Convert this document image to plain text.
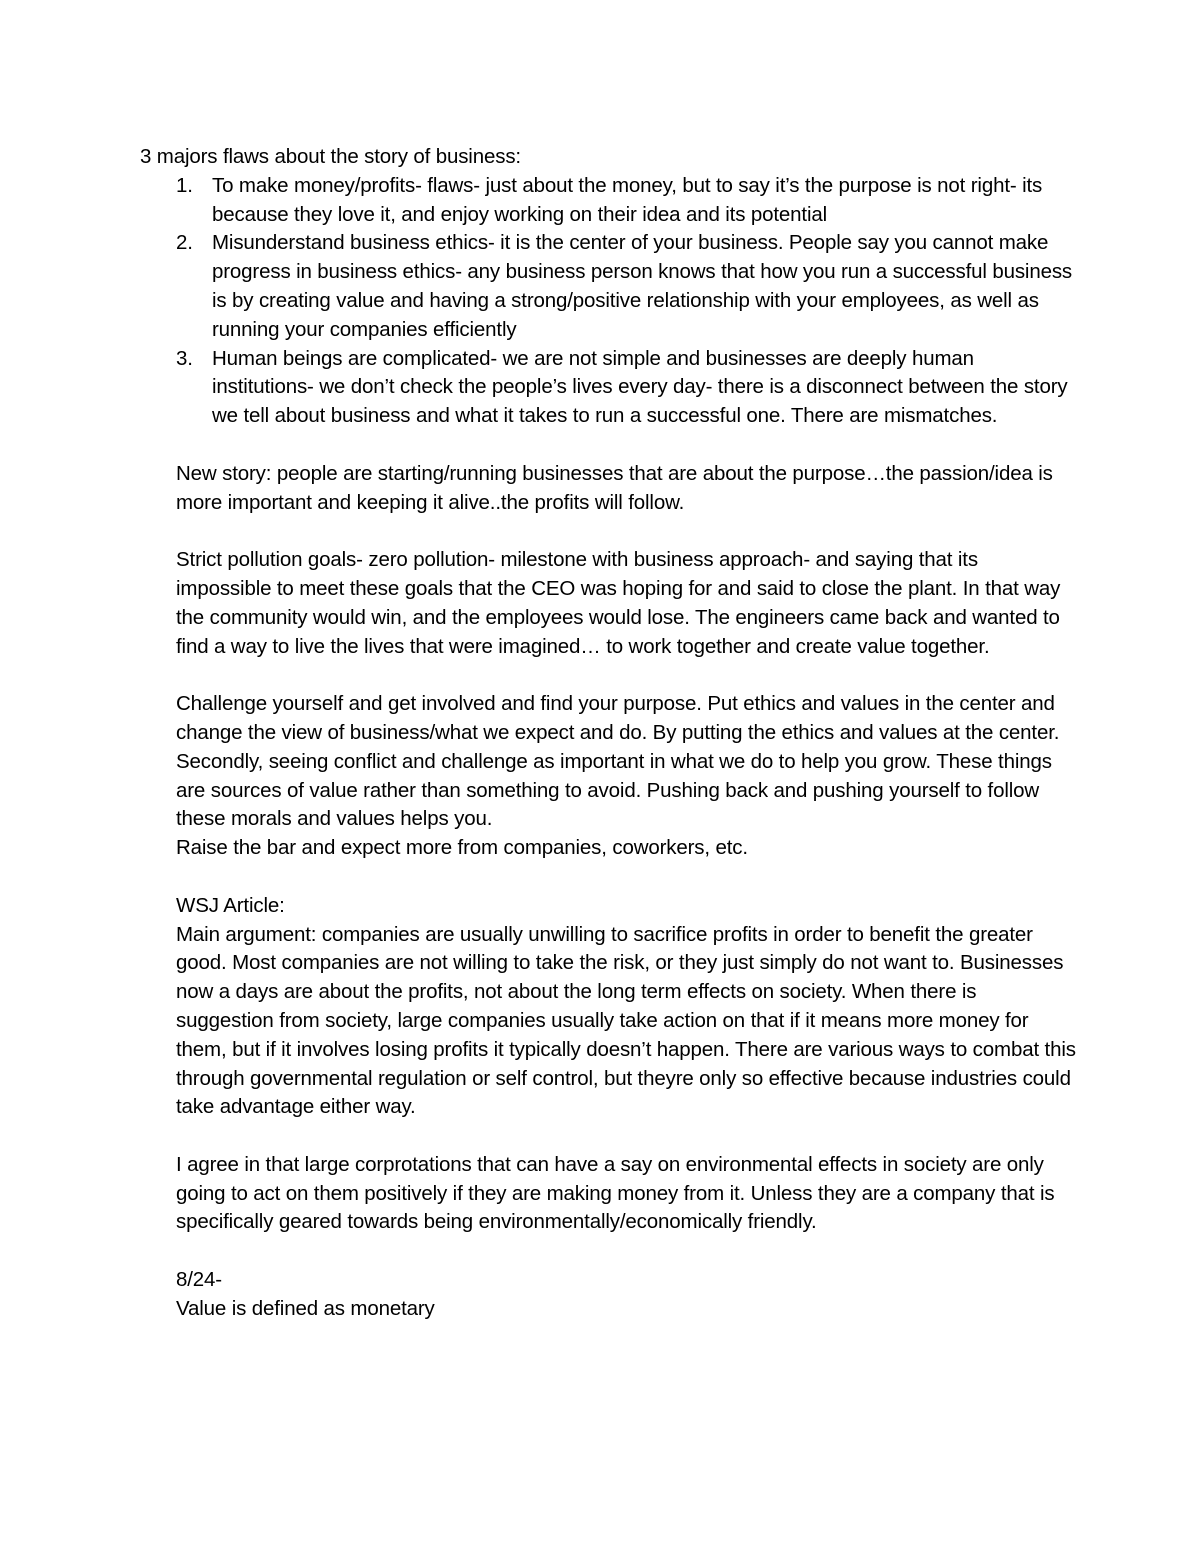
3 majors flaws about the story of business:
1. To make money/profits- flaws- just about the money, but to say it’s the purpose is not right- its because they love it, and enjoy working on their idea and its potential
2. Misunderstand business ethics- it is the center of your business. People say you cannot make progress in business ethics- any business person knows that how you run a successful business is by creating value and having a strong/positive relationship with your employees, as well as running your companies efficiently
3. Human beings are complicated- we are not simple and businesses are deeply human institutions- we don’t check the people’s lives every day- there is a disconnect between the story we tell about business and what it takes to run a successful one. There are mismatches.

New story: people are starting/running businesses that are about the purpose…the passion/idea is more important and keeping it alive..the profits will follow.

Strict pollution goals- zero pollution- milestone with business approach- and saying that its impossible to meet these goals that the CEO was hoping for and said to close the plant. In that way the community would win, and the employees would lose. The engineers came back and wanted to find a way to live the lives that were imagined… to work together and create value together.

Challenge yourself and get involved and find your purpose. Put ethics and values in the center and change the view of business/what we expect and do. By putting the ethics and values at the center.

Secondly, seeing conflict and challenge as important in what we do to help you grow. These things are sources of value rather than something to avoid. Pushing back and pushing yourself to follow these morals and values helps you.

Raise the bar and expect more from companies, coworkers, etc.

WSJ Article:

Main argument: companies are usually unwilling to sacrifice profits in order to benefit the greater good. Most companies are not willing to take the risk, or they just simply do not want to. Businesses now a days are about the profits, not about the long term effects on society. When there is suggestion from society, large companies usually take action on that if it means more money for them, but if it involves losing profits it typically doesn’t happen. There are various ways to combat this through governmental regulation or self control, but theyre only so effective because industries could take advantage either way.

I agree in that large corprotations that can have a say on environmental effects in society are only going to act on them positively if they are making money from it. Unless they are a company that is specifically geared towards being environmentally/economically friendly.

8/24-

Value is defined as monetary
